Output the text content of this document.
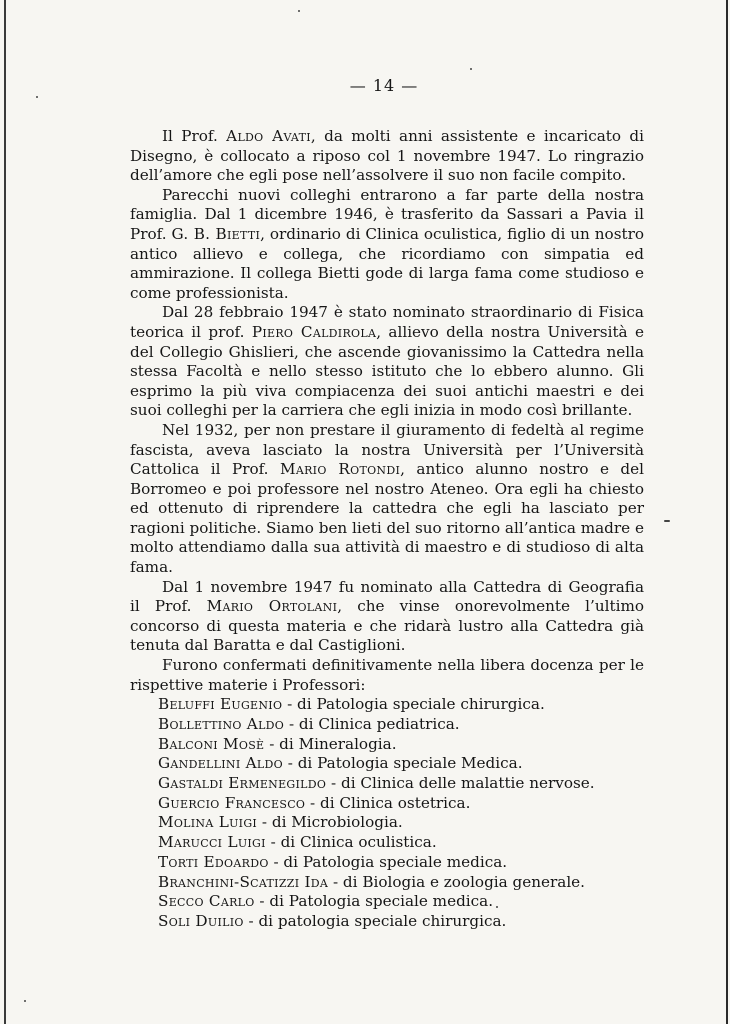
— 14 —

Il Prof. Aldo Avati, da molti anni assistente e incaricato di Disegno, è collocato a riposo col 1 novembre 1947. Lo ringrazio dell’amore che egli pose nell’assolvere il suo non facile compito.

Parecchi nuovi colleghi entrarono a far parte della nostra famiglia. Dal 1 dicembre 1946, è trasferito da Sassari a Pavia il Prof. G. B. Bietti, ordinario di Clinica oculistica, figlio di un nostro antico allievo e collega, che ricordiamo con simpatia ed ammirazione. Il collega Bietti gode di larga fama come studioso e come professionista.

Dal 28 febbraio 1947 è stato nominato straordinario di Fisica teorica il prof. Piero Caldirola, allievo della nostra Università e del Collegio Ghislieri, che ascende giovanissimo la Cattedra nella stessa Facoltà e nello stesso istituto che lo ebbero alunno. Gli esprimo la più viva compiacenza dei suoi antichi maestri e dei suoi colleghi per la carriera che egli inizia in modo così brillante.

Nel 1932, per non prestare il giuramento di fedeltà al regime fascista, aveva lasciato la nostra Università per l’Università Cattolica il Prof. Mario Rotondi, antico alunno nostro e del Borromeo e poi professore nel nostro Ateneo. Ora egli ha chiesto ed ottenuto di riprendere la cattedra che egli ha lasciato per ragioni politiche. Siamo ben lieti del suo ritorno all’antica madre e molto attendiamo dalla sua attività di maestro e di studioso di alta fama.

Dal 1 novembre 1947 fu nominato alla Cattedra di Geografia il Prof. Mario Ortolani, che vinse onorevolmente l’ultimo concorso di questa materia e che ridarà lustro alla Cattedra già tenuta dal Baratta e dal Castiglioni.

Furono confermati definitivamente nella libera docenza per le rispettive materie i Professori:

Beluffi Eugenio - di Patologia speciale chirurgica.
Bollettino Aldo - di Clinica pediatrica.
Balconi Mosè - di Mineralogia.
Gandellini Aldo - di Patologia speciale Medica.
Gastaldi Ermenegildo - di Clinica delle malattie nervose.
Guercio Francesco - di Clinica ostetrica.
Molina Luigi - di Microbiologia.
Marucci Luigi - di Clinica oculistica.
Torti Edoardo - di Patologia speciale medica.
Branchini-Scatizzi Ida - di Biologia e zoologia generale.
Secco Carlo - di Patologia speciale medica.
Soli Duilio - di patologia speciale chirurgica.
